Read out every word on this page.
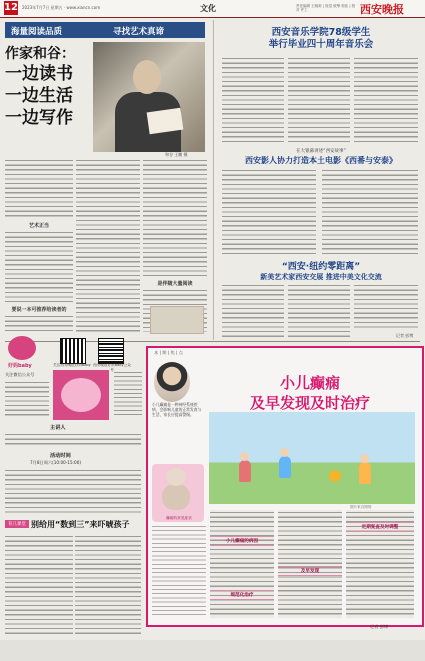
12 2023年7月7日 星期五 · www.xiancn.com	文化	责任编辑 王晓莉 | 视觉 统筹 郭佳 | 校对 许工	西安晚报
海量阅读品质	寻找艺术真谛
作家和谷：
一边读书
一边生活
一边写作
和谷 王鹏 摄
艺术正当
要说一本可推荐给读者的
是伴随大量阅读
西安音乐学院78级学生
举行毕业四十周年音乐会
在大银幕讲述“西安故事”
西安影人协力打造本土电影《西番与安泰》
“西安·纽约零距离”
新美艺术家西安交展 推进中美文化交流
记者 彭博
好妈baby	关注西安晚报好妈baby 西安晚报好妈baby公众号
关注微信公众号
主讲人
活动时间
7月8日周六(10:00-15:00)
育儿课堂 别给用“数到三”来吓唬孩子
本 | 期 | 焦 | 点
小儿癫痫是一种神经系统疾病，会影响儿童的正常发育与生活，家长应提高警惕。
癫痫的常见症状
小儿癫痫
及早发现及时治疗
图片来自网络
小儿癫痫的病因
及早发现
定期复查及时调整
规范化治疗
记者 彭博
